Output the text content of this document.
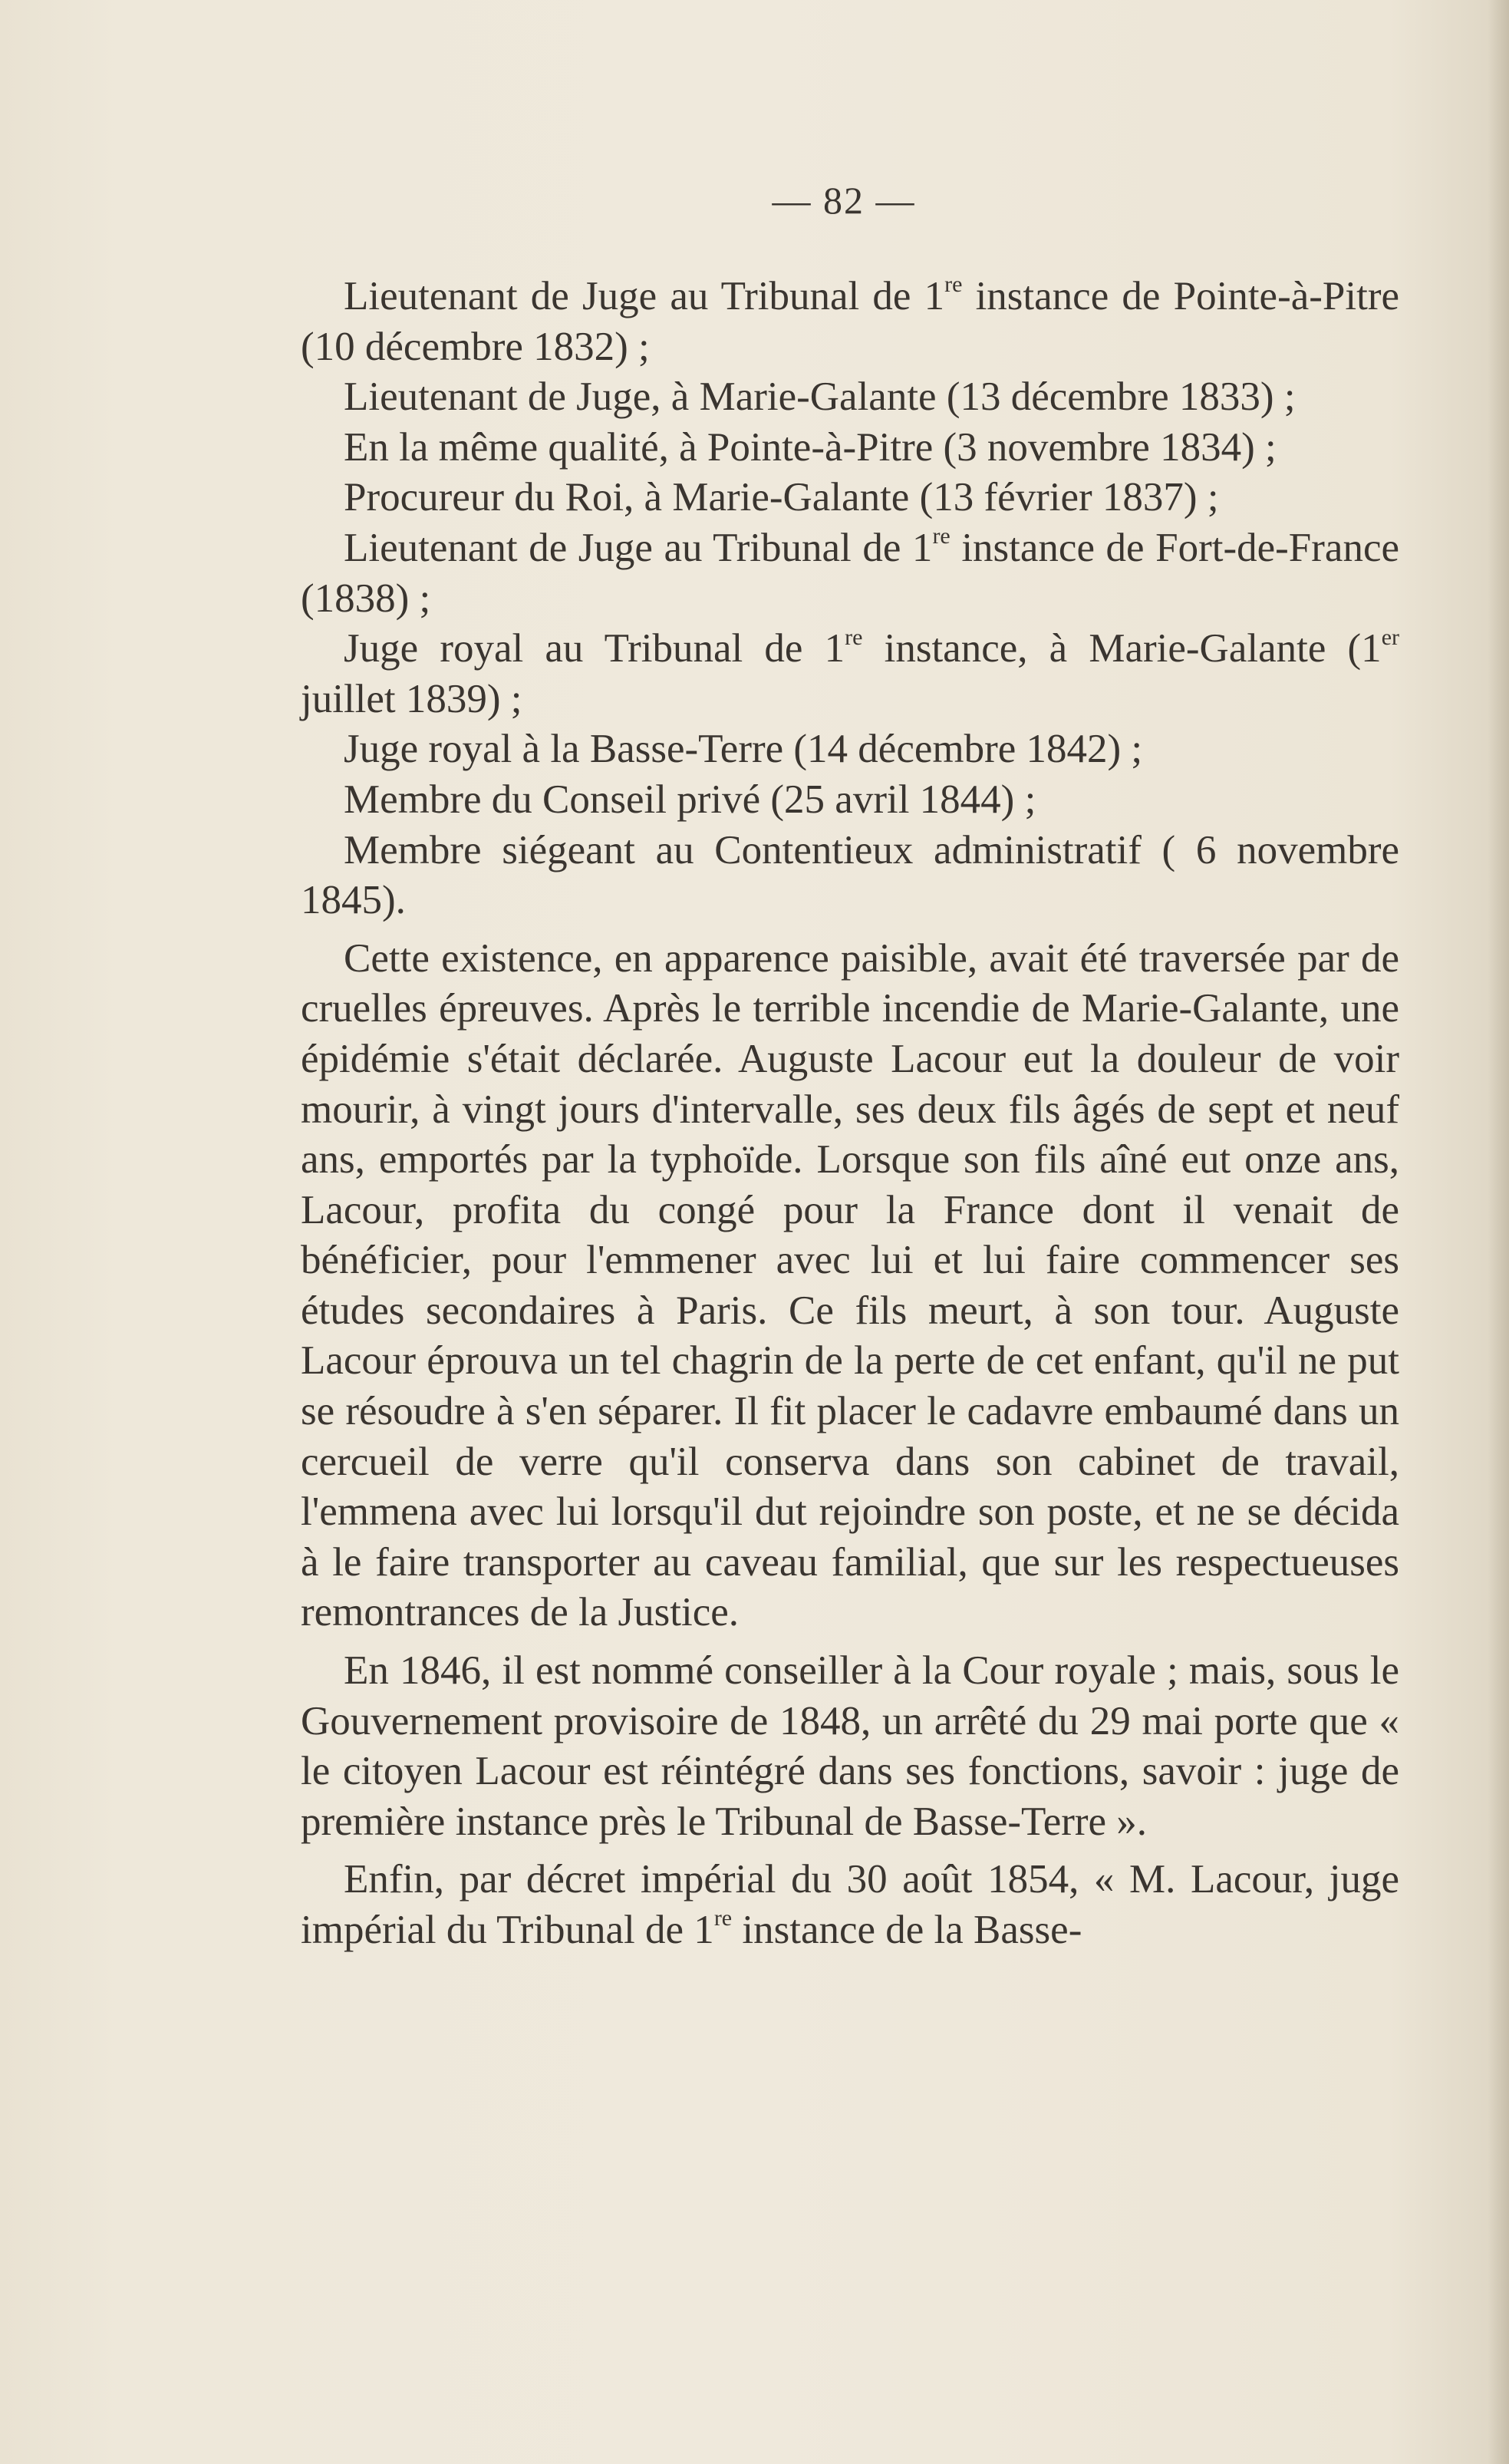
— 82 —

Lieutenant de Juge au Tribunal de 1re instance de Pointe-à-Pitre (10 décembre 1832) ;

Lieutenant de Juge, à Marie-Galante (13 décembre 1833) ;

En la même qualité, à Pointe-à-Pitre (3 novembre 1834) ;

Procureur du Roi, à Marie-Galante (13 février 1837) ;

Lieutenant de Juge au Tribunal de 1re instance de Fort-de-France (1838) ;

Juge royal au Tribunal de 1re instance, à Marie-Galante (1er juillet 1839) ;

Juge royal à la Basse-Terre (14 décembre 1842) ;

Membre du Conseil privé (25 avril 1844) ;

Membre siégeant au Contentieux administratif ( 6 novembre 1845).

Cette existence, en apparence paisible, avait été traversée par de cruelles épreuves. Après le terrible incendie de Marie-Galante, une épidémie s'était déclarée. Auguste Lacour eut la douleur de voir mourir, à vingt jours d'intervalle, ses deux fils âgés de sept et neuf ans, emportés par la typhoïde. Lorsque son fils aîné eut onze ans, Lacour, profita du congé pour la France dont il venait de bénéficier, pour l'emmener avec lui et lui faire commencer ses études secondaires à Paris. Ce fils meurt, à son tour. Auguste Lacour éprouva un tel chagrin de la perte de cet enfant, qu'il ne put se résoudre à s'en séparer. Il fit placer le cadavre embaumé dans un cercueil de verre qu'il conserva dans son cabinet de travail, l'emmena avec lui lorsqu'il dut rejoindre son poste, et ne se décida à le faire transporter au caveau familial, que sur les respectueuses remontrances de la Justice.

En 1846, il est nommé conseiller à la Cour royale ; mais, sous le Gouvernement provisoire de 1848, un arrêté du 29 mai porte que « le citoyen Lacour est réintégré dans ses fonctions, savoir : juge de première instance près le Tribunal de Basse-Terre ».

Enfin, par décret impérial du 30 août 1854, « M. Lacour, juge impérial du Tribunal de 1re instance de la Basse-
